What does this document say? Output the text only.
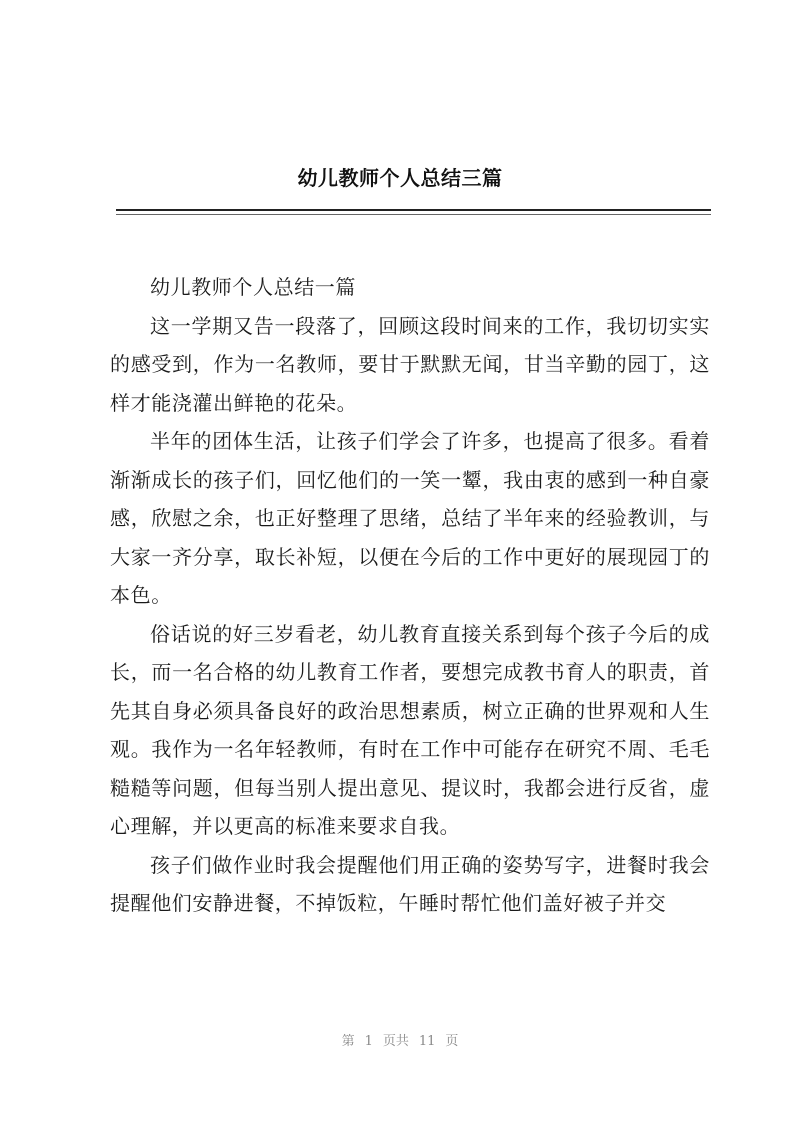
幼儿教师个人总结三篇

幼儿教师个人总结一篇

这一学期又告一段落了，回顾这段时间来的工作，我切切实实的感受到，作为一名教师，要甘于默默无闻，甘当辛勤的园丁，这样才能浇灌出鲜艳的花朵。

半年的团体生活，让孩子们学会了许多，也提高了很多。看着渐渐成长的孩子们，回忆他们的一笑一颦，我由衷的感到一种自豪感，欣慰之余，也正好整理了思绪，总结了半年来的经验教训，与大家一齐分享，取长补短，以便在今后的工作中更好的展现园丁的本色。

俗话说的好三岁看老，幼儿教育直接关系到每个孩子今后的成长，而一名合格的幼儿教育工作者，要想完成教书育人的职责，首先其自身必须具备良好的政治思想素质，树立正确的世界观和人生观。我作为一名年轻教师，有时在工作中可能存在研究不周、毛毛糙糙等问题，但每当别人提出意见、提议时，我都会进行反省，虚心理解，并以更高的标准来要求自我。

孩子们做作业时我会提醒他们用正确的姿势写字，进餐时我会提醒他们安静进餐，不掉饭粒，午睡时帮忙他们盖好被子并交

第 1 页共 11 页
